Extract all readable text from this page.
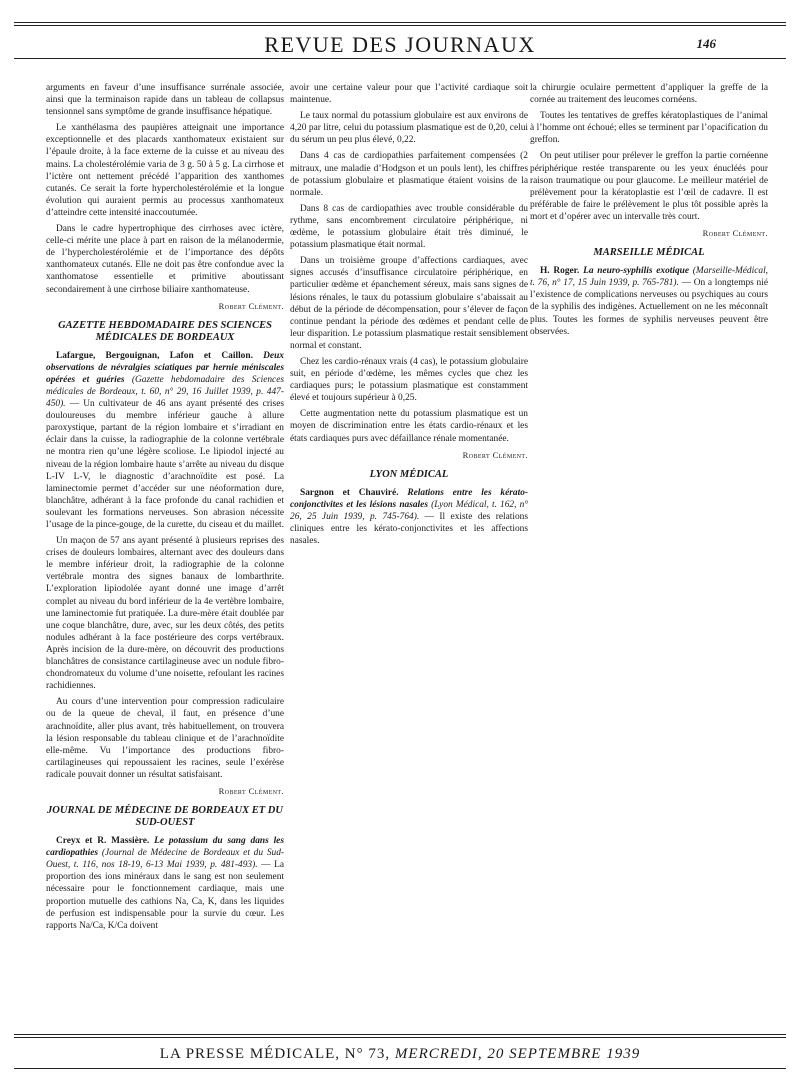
REVUE DES JOURNAUX	146

arguments en faveur d’une insuffisance surrénale associée, ainsi que la terminaison rapide dans un tableau de collapsus tensionnel sans symptôme de grande insuffisance hépatique.

Le xanthélasma des paupières atteignait une importance exceptionnelle et des placards xanthomateux existaient sur l’épaule droite, à la face externe de la cuisse et au niveau des mains. La cholestérolémie varia de 3 g. 50 à 5 g. La cirrhose et l’ictère ont nettement précédé l’apparition des xanthomes cutanés. Ce serait la forte hypercholestérolémie et la longue évolution qui auraient permis au processus xanthomateux d’atteindre cette intensité inaccoutumée.

Dans le cadre hypertrophique des cirrhoses avec ictère, celle-ci mérite une place à part en raison de la mélanodermie, de l’hypercholestérolémie et de l’importance des dépôts xanthomateux cutanés. Elle ne doit pas être confondue avec la xanthomatose essentielle et primitive aboutissant secondairement à une cirrhose biliaire xanthomateuse.

Robert Clément.

GAZETTE HEBDOMADAIRE DES SCIENCES MÉDICALES DE BORDEAUX

Lafargue, Bergouignan, Lafon et Caillon. Deux observations de névralgies sciatiques par hernie méniscales opérées et guéries (Gazette hebdomadaire des Sciences médicales de Bordeaux, t. 60, n° 29, 16 Juillet 1939, p. 447-450). — Un cultivateur de 46 ans ayant présenté des crises douloureuses du membre inférieur gauche à allure paroxystique, partant de la région lombaire et s’irradiant en éclair dans la cuisse, la radiographie de la colonne vertébrale ne montra rien qu’une légère scoliose. Le lipiodol injecté au niveau de la région lombaire haute s’arrête au niveau du disque L-IV L-V, le diagnostic d’arachnoïdite est posé. La laminectomie permet d’accéder sur une néoformation dure, blanchâtre, adhérant à la face profonde du canal rachidien et soulevant les formations nerveuses. Son abrasion nécessite l’usage de la pince-gouge, de la curette, du ciseau et du maillet.

Un maçon de 57 ans ayant présenté à plusieurs reprises des crises de douleurs lombaires, alternant avec des douleurs dans le membre inférieur droit, la radiographie de la colonne vertébrale montra des signes banaux de lombarthrite. L’exploration lipiodolée ayant donné une image d’arrêt complet au niveau du bord inférieur de la 4e vertèbre lombaire, une laminectomie fut pratiquée. La dure-mère était doublée par une coque blanchâtre, dure, avec, sur les deux côtés, des petits nodules adhérant à la face postérieure des corps vertébraux. Après incision de la dure-mère, on découvrit des productions blanchâtres de consistance cartilagineuse avec un nodule fibro-chondromateux du volume d’une noisette, refoulant les racines rachidiennes.

Au cours d’une intervention pour compression radiculaire ou de la queue de cheval, il faut, en présence d’une arachnoïdite, aller plus avant, très habituellement, on trouvera la lésion responsable du tableau clinique et de l’arachnoïdite elle-même. Vu l’importance des productions fibro-cartilagineuses qui repoussaient les racines, seule l’exérèse radicale pouvait donner un résultat satisfaisant.

Robert Clément.

JOURNAL DE MÉDECINE DE BORDEAUX ET DU SUD-OUEST

Creyx et R. Massière. Le potassium du sang dans les cardiopathies (Journal de Médecine de Bordeaux et du Sud-Ouest, t. 116, nos 18-19, 6-13 Mai 1939, p. 481-493). — La proportion des ions minéraux dans le sang est non seulement nécessaire pour le fonctionnement cardiaque, mais une proportion mutuelle des cathions Na, Ca, K, dans les liquides de perfusion est indispensable pour la survie du cœur. Les rapports Na/Ca, K/Ca doivent

avoir une certaine valeur pour que l’activité cardiaque soit maintenue.

Le taux normal du potassium globulaire est aux environs de 4,20 par litre, celui du potassium plasmatique est de 0,20, celui du sérum un peu plus élevé, 0,22.

Dans 4 cas de cardiopathies parfaitement compensées (2 mitraux, une maladie d’Hodgson et un pouls lent), les chiffres de potassium globulaire et plasmatique étaient voisins de la normale.

Dans 8 cas de cardiopathies avec trouble considérable du rythme, sans encombrement circulatoire périphérique, ni œdème, le potassium globulaire était très diminué, le potassium plasmatique était normal.

Dans un troisième groupe d’affections cardiaques, avec signes accusés d’insuffisance circulatoire périphérique, en particulier œdème et épanchement séreux, mais sans signes de lésions rénales, le taux du potassium globulaire s’abaissait au début de la période de décompensation, pour s’élever de façon continue pendant la période des œdèmes et pendant celle de leur disparition. Le potassium plasmatique restait sensiblement normal et constant.

Chez les cardio-rénaux vrais (4 cas), le potassium globulaire suit, en période d’œdème, les mêmes cycles que chez les cardiaques purs; le potassium plasmatique est constamment élevé et toujours supérieur à 0,25.

Cette augmentation nette du potassium plasmatique est un moyen de discrimination entre les états cardio-rénaux et les états cardiaques purs avec défaillance rénale momentanée.

Robert Clément.

LYON MÉDICAL

Sargnon et Chauviré. Relations entre les kérato-conjonctivites et les lésions nasales (Lyon Médical, t. 162, n° 26, 25 Juin 1939, p. 745-764). — Il existe des relations cliniques entre les kérato-conjonctivites et les affections nasales.

la chirurgie oculaire permettent d’appliquer la greffe de la cornée au traitement des leucomes cornéens.

Toutes les tentatives de greffes kératoplastiques de l’animal à l’homme ont échoué; elles se terminent par l’opacification du greffon.

On peut utiliser pour prélever le greffon la partie cornéenne périphérique restée transparente ou les yeux énucléés pour raison traumatique ou pour glaucome. Le meilleur matériel de prélèvement pour la kératoplastie est l’œil de cadavre. Il est préférable de faire le prélèvement le plus tôt possible après la mort et d’opérer avec un intervalle très court.

Robert Clément.

MARSEILLE MÉDICAL

H. Roger. La neuro-syphilis exotique (Marseille-Médical, t. 76, n° 17, 15 Juin 1939, p. 765-781). — On a longtemps nié l’existence de complications nerveuses ou psychiques au cours de la syphilis des indigènes. Actuellement on ne les méconnaît plus. Toutes les formes de syphilis nerveuses peuvent être observées.

LA PRESSE MÉDICALE, N° 73, MERCREDI, 20 SEPTEMBRE 1939
